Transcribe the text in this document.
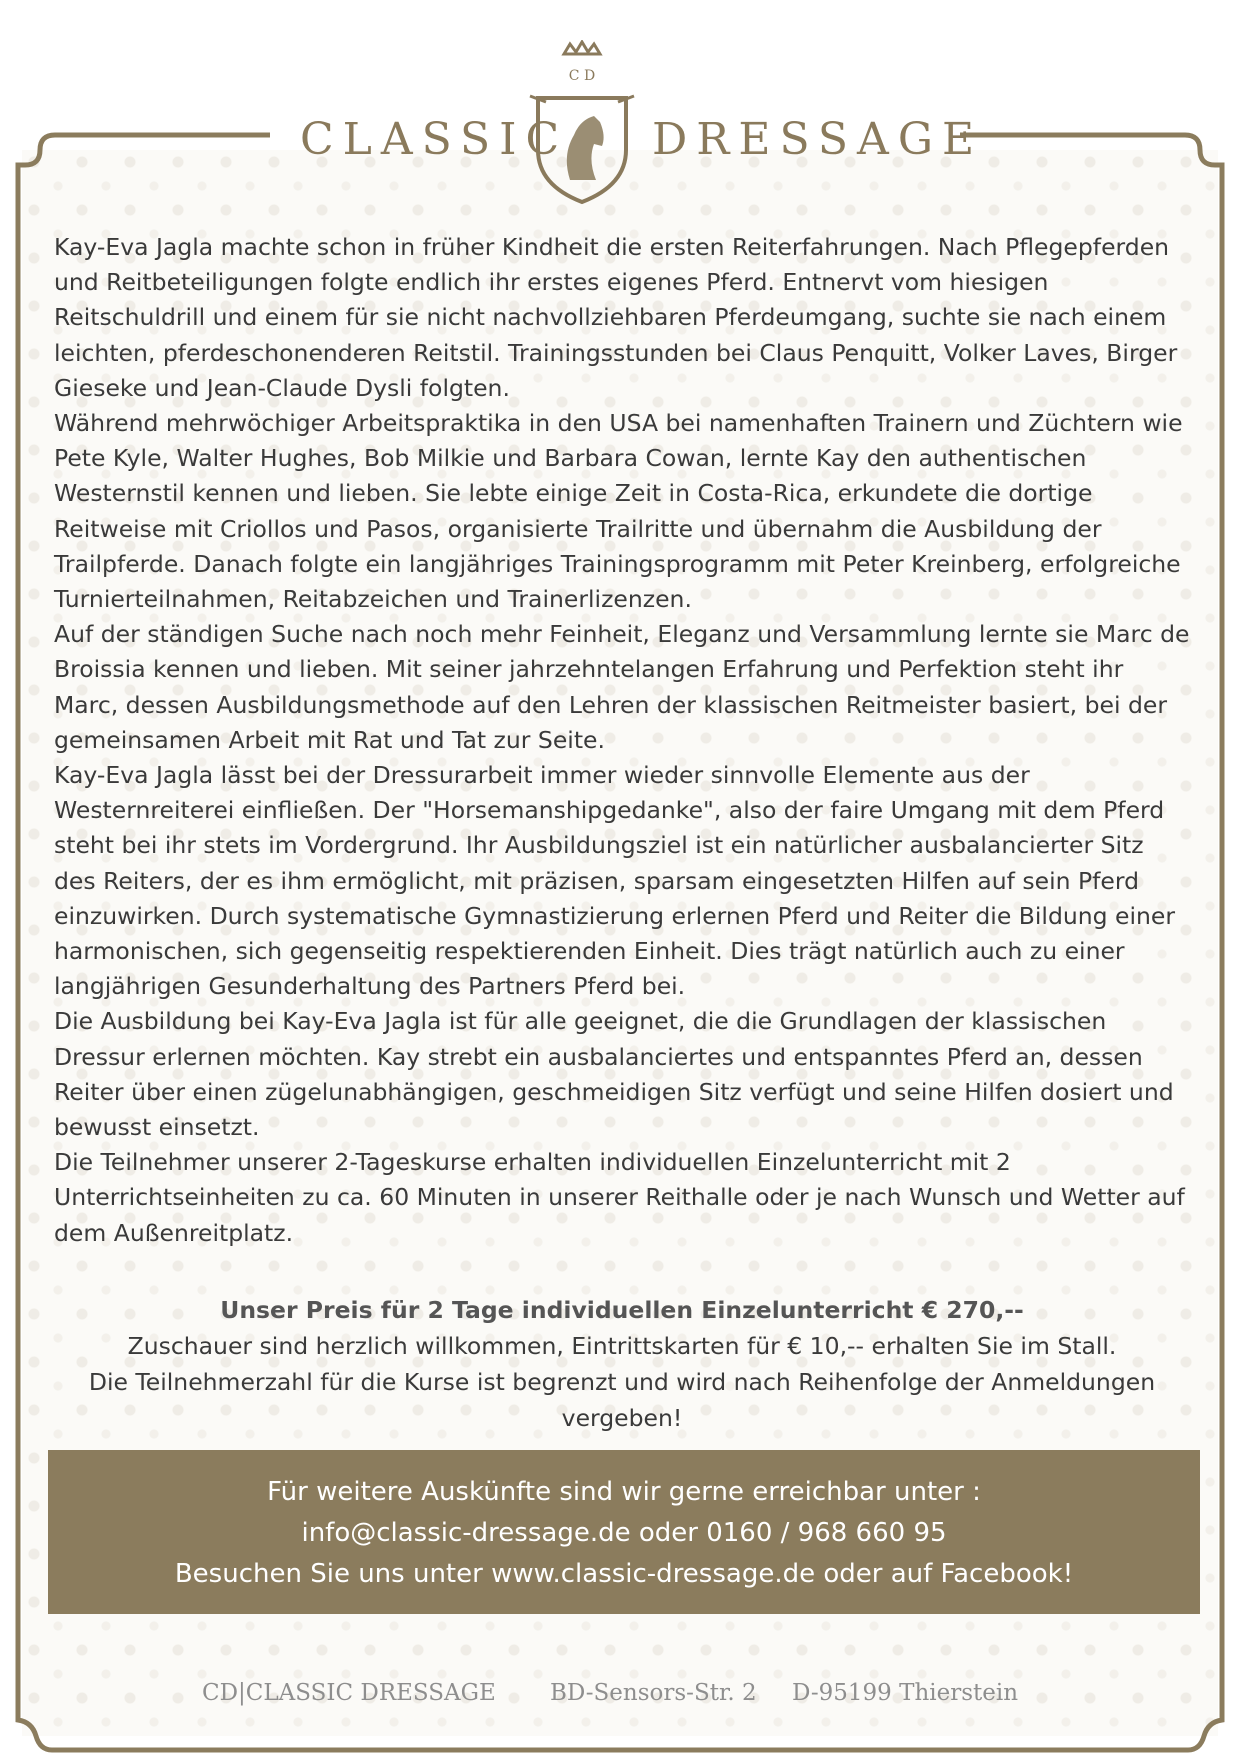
CLASSIC
C D
DRESSAGE

Kay-Eva Jagla machte schon in früher Kindheit die ersten Reiterfahrungen. Nach Pflegepferden und Reitbeteiligungen folgte endlich ihr erstes eigenes Pferd. Entnervt vom hiesigen Reitschuldrill und einem für sie nicht nachvollziehbaren Pferdeumgang, suchte sie nach einem leichten, pferdeschonenderen Reitstil. Trainingsstunden bei Claus Penquitt, Volker Laves, Birger Gieseke und Jean-Claude Dysli folgten.

Während mehrwöchiger Arbeitspraktika in den USA bei namenhaften Trainern und Züchtern wie Pete Kyle, Walter Hughes, Bob Milkie und Barbara Cowan, lernte Kay den authentischen Westernstil kennen und lieben. Sie lebte einige Zeit in Costa-Rica, erkundete die dortige Reitweise mit Criollos und Pasos, organisierte Trailritte und übernahm die Ausbildung der Trailpferde. Danach folgte ein langjähriges Trainingsprogramm mit Peter Kreinberg, erfolgreiche Turnierteilnahmen, Reitabzeichen und Trainerlizenzen.

Auf der ständigen Suche nach noch mehr Feinheit, Eleganz und Versammlung lernte sie Marc de Broissia kennen und lieben. Mit seiner jahrzehntelangen Erfahrung und Perfektion steht ihr Marc, dessen Ausbildungsmethode auf den Lehren der klassischen Reitmeister basiert, bei der gemeinsamen Arbeit mit Rat und Tat zur Seite.

Kay-Eva Jagla lässt bei der Dressurarbeit immer wieder sinnvolle Elemente aus der Westernreiterei einfließen. Der "Horsemanshipgedanke", also der faire Umgang mit dem Pferd steht bei ihr stets im Vordergrund. Ihr Ausbildungsziel ist ein natürlicher ausbalancierter Sitz des Reiters, der es ihm ermöglicht, mit präzisen, sparsam eingesetzten Hilfen auf sein Pferd einzuwirken. Durch systematische Gymnastizierung erlernen Pferd und Reiter die Bildung einer harmonischen, sich gegenseitig respektierenden Einheit. Dies trägt natürlich auch zu einer langjährigen Gesunderhaltung des Partners Pferd bei.

Die Ausbildung bei Kay-Eva Jagla ist für alle geeignet, die die Grundlagen der klassischen Dressur erlernen möchten. Kay strebt ein ausbalanciertes und entspanntes Pferd an, dessen Reiter über einen zügelunabhängigen, geschmeidigen Sitz verfügt und seine Hilfen dosiert und bewusst einsetzt.

Die Teilnehmer unserer 2-Tageskurse erhalten individuellen Einzelunterricht mit 2 Unterrichtseinheiten zu ca. 60 Minuten in unserer Reithalle oder je nach Wunsch und Wetter auf dem Außenreitplatz.

Unser Preis für 2 Tage individuellen Einzelunterricht € 270,--

Zuschauer sind herzlich willkommen, Eintrittskarten für € 10,-- erhalten Sie im Stall.

Die Teilnehmerzahl für die Kurse ist begrenzt und wird nach Reihenfolge der Anmeldungen vergeben!

Für weitere Auskünfte sind wir gerne erreichbar unter :

info@classic-dressage.de oder 0160 / 968 660 95

Besuchen Sie uns unter www.classic-dressage.de oder auf Facebook!

CD|CLASSIC DRESSAGE BD-Sensors-Str. 2 D-95199 Thierstein
